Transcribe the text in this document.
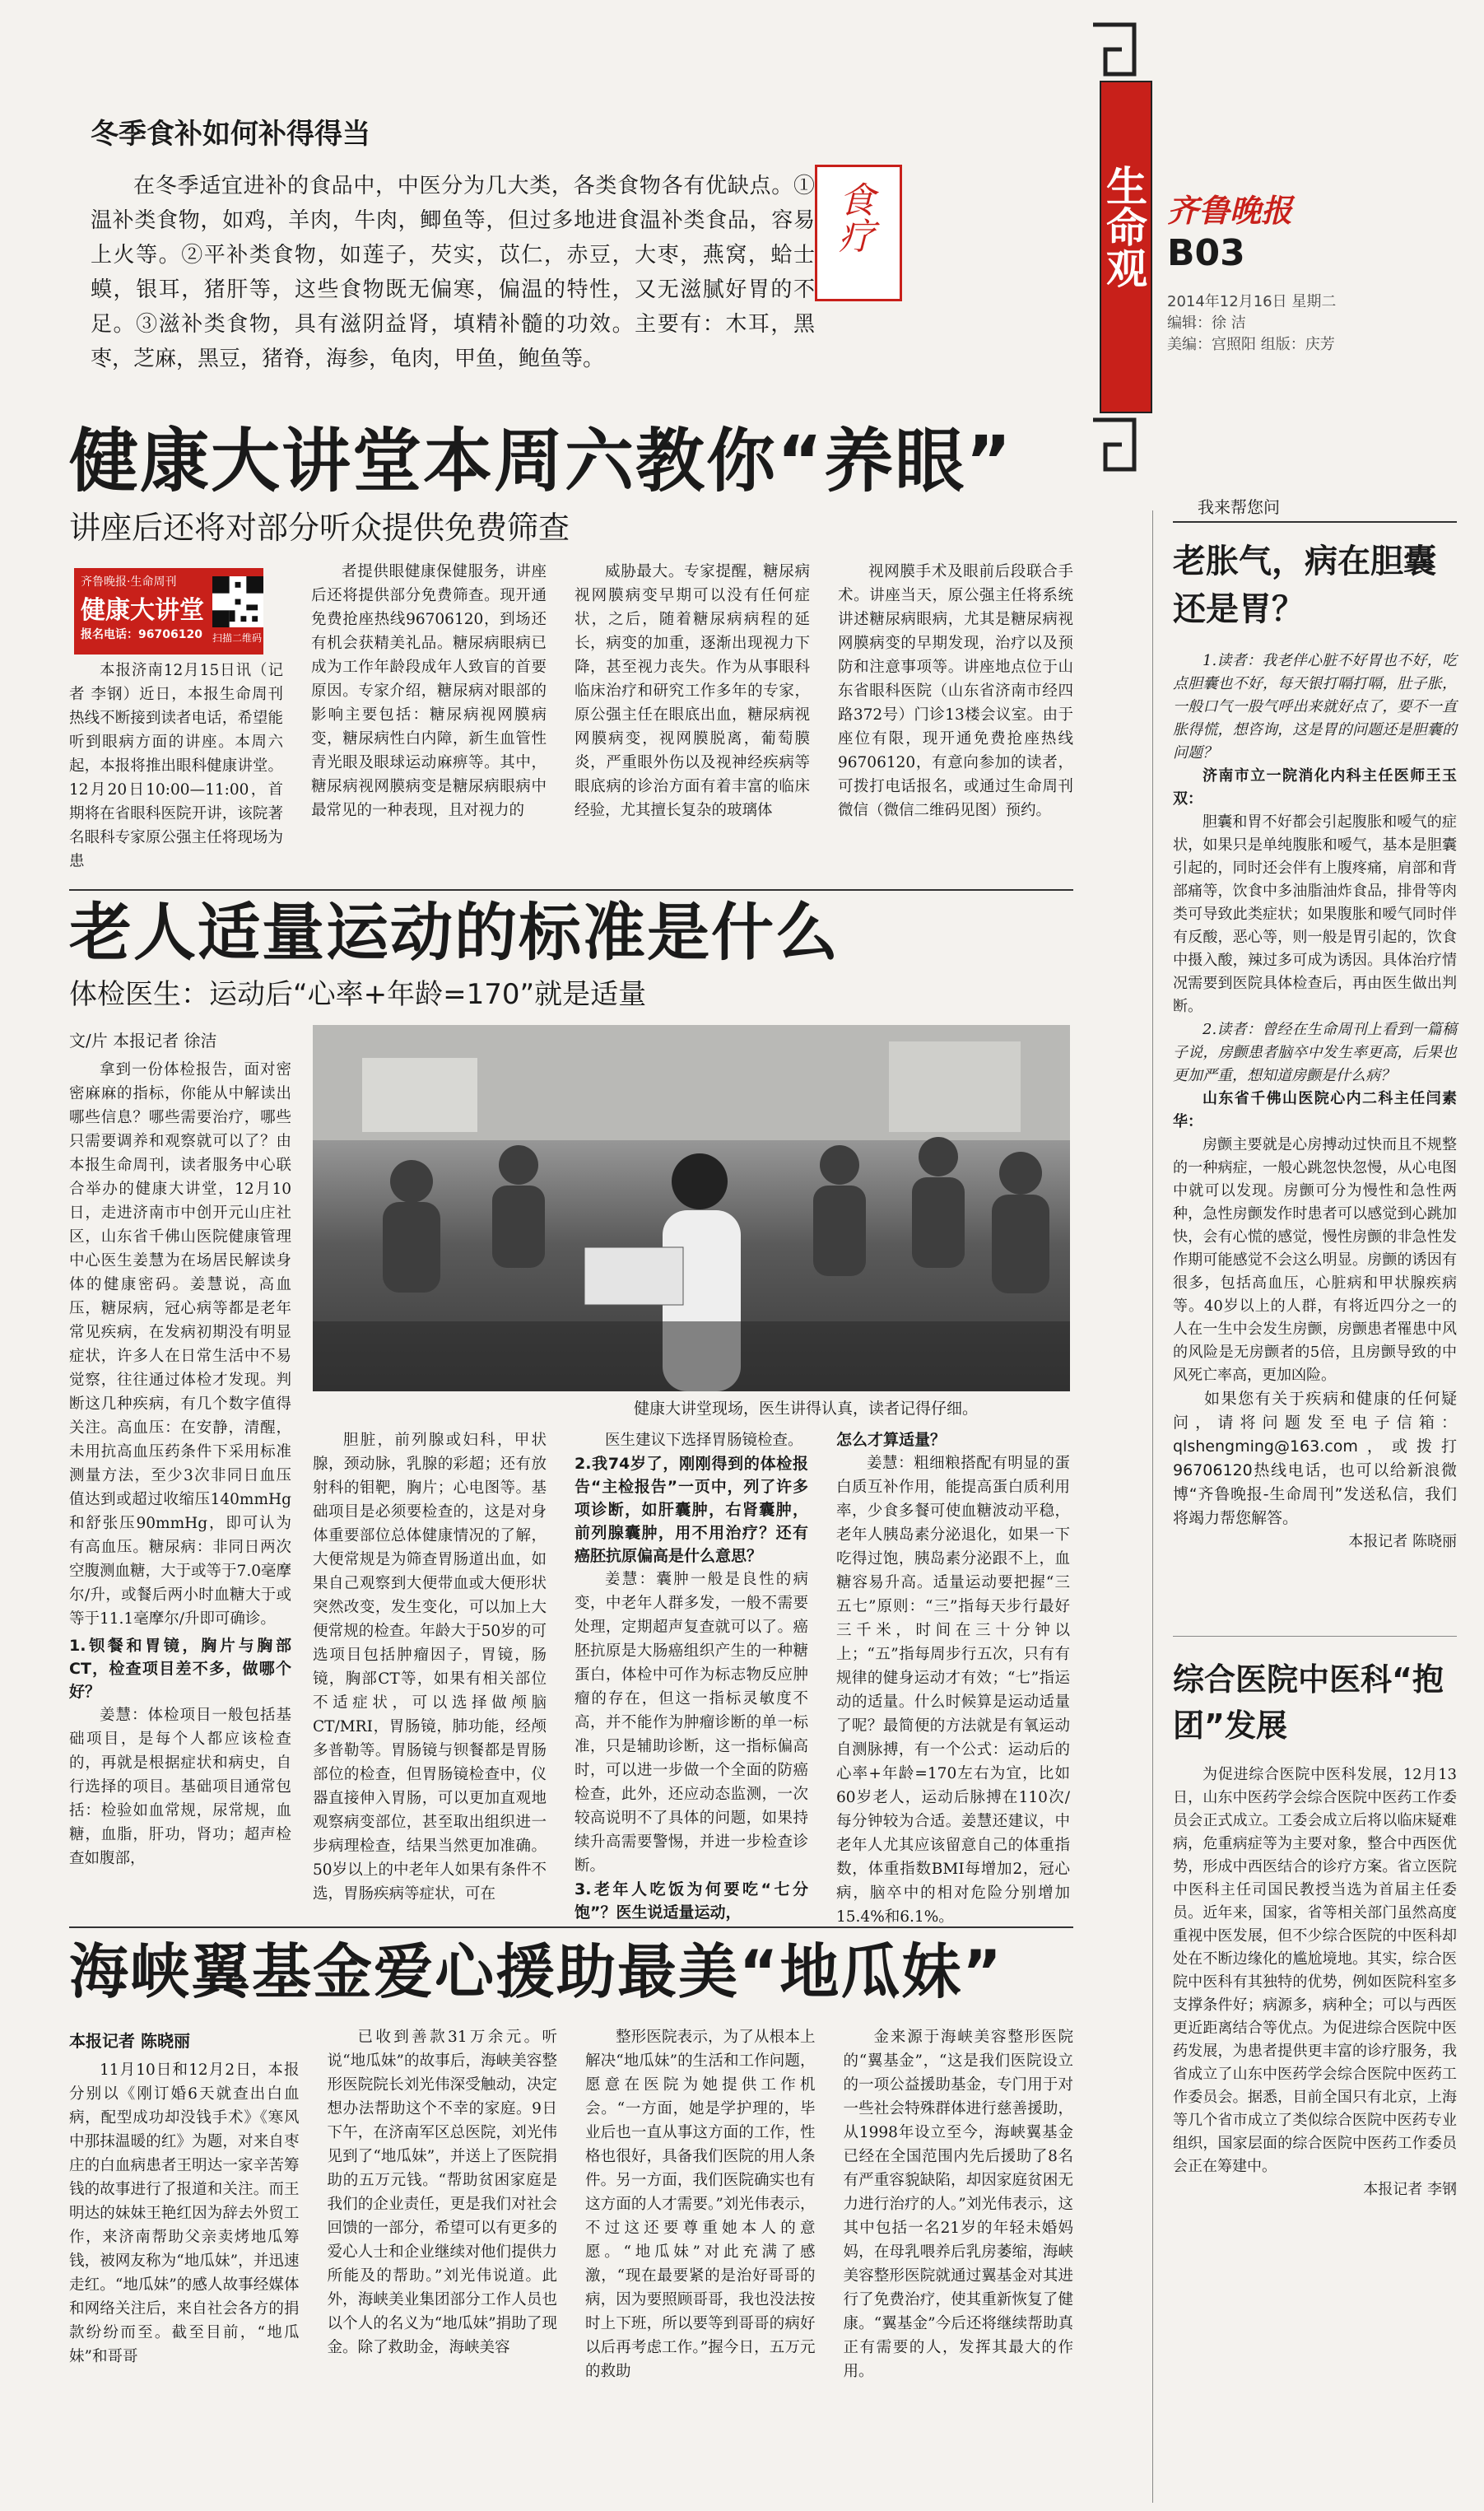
生命观 齐鲁晚报
B03
2014年12月16日 星期二
编辑：徐 洁
美编：宫照阳 组版：庆芳
冬季食补如何补得得当
在冬季适宜进补的食品中，中医分为几大类，各类食物各有优缺点。①温补类食物，如鸡，羊肉，牛肉，鲫鱼等，但过多地进食温补类食品，容易上火等。②平补类食物，如莲子，芡实，苡仁，赤豆，大枣，燕窝，蛤士蟆，银耳，猪肝等，这些食物既无偏寒，偏温的特性，又无滋腻好胃的不足。③滋补类食物，具有滋阴益肾，填精补髓的功效。主要有：木耳，黑枣，芝麻，黑豆，猪脊，海参，龟肉，甲鱼，鲍鱼等。
食疗
健康大讲堂本周六教你“养眼”
讲座后还将对部分听众提供免费筛查
齐鲁晚报·生命周刊
健康大讲堂
报名电话：96706120	扫描二维码

本报济南12月15日讯（记者 李钢）近日，本报生命周刊热线不断接到读者电话，希望能听到眼病方面的讲座。本周六起，本报将推出眼科健康讲堂。12月20日10:00—11:00，首期将在省眼科医院开讲，该院著名眼科专家原公强主任将现场为患

者提供眼健康保健服务，讲座后还将提供部分免费筛查。现开通免费抢座热线96706120，到场还有机会获精美礼品。糖尿病眼病已成为工作年龄段成年人致盲的首要原因。专家介绍，糖尿病对眼部的影响主要包括：糖尿病视网膜病变，糖尿病性白内障，新生血管性青光眼及眼球运动麻痹等。其中，糖尿病视网膜病变是糖尿病眼病中最常见的一种表现，且对视力的

威胁最大。专家提醒，糖尿病视网膜病变早期可以没有任何症状，之后，随着糖尿病病程的延长，病变的加重，逐渐出现视力下降，甚至视力丧失。作为从事眼科临床治疗和研究工作多年的专家，原公强主任在眼底出血，糖尿病视网膜病变，视网膜脱离，葡萄膜炎，严重眼外伤以及视神经疾病等眼底病的诊治方面有着丰富的临床经验，尤其擅长复杂的玻璃体

视网膜手术及眼前后段联合手术。讲座当天，原公强主任将系统讲述糖尿病眼病，尤其是糖尿病视网膜病变的早期发现，治疗以及预防和注意事项等。讲座地点位于山东省眼科医院（山东省济南市经四路372号）门诊13楼会议室。由于座位有限，现开通免费抢座热线96706120，有意向参加的读者，可拨打电话报名，或通过生命周刊微信（微信二维码见图）预约。

老人适量运动的标准是什么
体检医生：运动后“心率+年龄=170”就是适量
文/片 本报记者 徐洁
健康大讲堂现场，医生讲得认真，读者记得仔细。

拿到一份体检报告，面对密密麻麻的指标，你能从中解读出哪些信息？哪些需要治疗，哪些只需要调养和观察就可以了？由本报生命周刊，读者服务中心联合举办的健康大讲堂，12月10日，走进济南市中创开元山庄社区，山东省千佛山医院健康管理中心医生姜慧为在场居民解读身体的健康密码。姜慧说，高血压，糖尿病，冠心病等都是老年常见疾病，在发病初期没有明显症状，许多人在日常生活中不易觉察，往往通过体检才发现。判断这几种疾病，有几个数字值得关注。高血压：在安静，清醒，未用抗高血压药条件下采用标准测量方法，至少3次非同日血压值达到或超过收缩压140mmHg和舒张压90mmHg，即可认为有高血压。糖尿病：非同日两次空腹测血糖，大于或等于7.0毫摩尔/升，或餐后两小时血糖大于或等于11.1毫摩尔/升即可确诊。

1.钡餐和胃镜，胸片与胸部CT，检查项目差不多，做哪个好？

姜慧：体检项目一般包括基础项目，是每个人都应该检查的，再就是根据症状和病史，自行选择的项目。基础项目通常包括：检验如血常规，尿常规，血糖，血脂，肝功，肾功；超声检查如腹部，

胆脏，前列腺或妇科，甲状腺，颈动脉，乳腺的彩超；还有放射科的钼靶，胸片；心电图等。基础项目是必须要检查的，这是对身体重要部位总体健康情况的了解，大便常规是为筛查胃肠道出血，如果自己观察到大便带血或大便形状突然改变，发生变化，可以加上大便常规的检查。年龄大于50岁的可选项目包括肿瘤因子，胃镜，肠镜，胸部CT等，如果有相关部位不适症状，可以选择做颅脑CT/MRI，胃肠镜，肺功能，经颅多普勒等。胃肠镜与钡餐都是胃肠部位的检查，但胃肠镜检查中，仪器直接伸入胃肠，可以更加直观地观察病变部位，甚至取出组织进一步病理检查，结果当然更加准确。50岁以上的中老年人如果有条件不选，胃肠疾病等症状，可在

医生建议下选择胃肠镜检查。

2.我74岁了，刚刚得到的体检报告“主检报告”一页中，列了许多项诊断，如肝囊肿，右肾囊肿，前列腺囊肿，用不用治疗？还有癌胚抗原偏高是什么意思？

姜慧：囊肿一般是良性的病变，中老年人群多发，一般不需要处理，定期超声复查就可以了。癌胚抗原是大肠癌组织产生的一种糖蛋白，体检中可作为标志物反应肿瘤的存在，但这一指标灵敏度不高，并不能作为肿瘤诊断的单一标准，只是辅助诊断，这一指标偏高时，可以进一步做一个全面的防癌检查，此外，还应动态监测，一次较高说明不了具体的问题，如果持续升高需要警惕，并进一步检查诊断。

3.老年人吃饭为何要吃“七分饱”？医生说适量运动，
怎么才算适量？

姜慧：粗细粮搭配有明显的蛋白质互补作用，能提高蛋白质利用率，少食多餐可使血糖波动平稳，老年人胰岛素分泌退化，如果一下吃得过饱，胰岛素分泌跟不上，血糖容易升高。适量运动要把握“三五七”原则：“三”指每天步行最好三千米，时间在三十分钟以上；“五”指每周步行五次，只有有规律的健身运动才有效；“七”指运动的适量。什么时候算是运动适量了呢？最简便的方法就是有氧运动自测脉搏，有一个公式：运动后的心率+年龄=170左右为宜，比如60岁老人，运动后脉搏在110次/每分钟较为合适。姜慧还建议，中老年人尤其应该留意自己的体重指数，体重指数BMI每增加2，冠心病，脑卒中的相对危险分别增加15.4%和6.1%。

海峡翼基金爱心援助最美“地瓜妹”
本报记者 陈晓丽

11月10日和12月2日，本报分别以《刚订婚6天就查出白血病，配型成功却没钱手术》《寒风中那抹温暖的红》为题，对来自枣庄的白血病患者王明达一家辛苦筹钱的故事进行了报道和关注。而王明达的妹妹王艳红因为辞去外贸工作，来济南帮助父亲卖烤地瓜筹钱，被网友称为“地瓜妹”，并迅速走红。“地瓜妹”的感人故事经媒体和网络关注后，来自社会各方的捐款纷纷而至。截至目前，“地瓜妹”和哥哥

已收到善款31万余元。听说“地瓜妹”的故事后，海峡美容整形医院院长刘光伟深受触动，决定想办法帮助这个不幸的家庭。9日下午，在济南军区总医院，刘光伟见到了“地瓜妹”，并送上了医院捐助的五万元钱。“帮助贫困家庭是我们的企业责任，更是我们对社会回馈的一部分，希望可以有更多的爱心人士和企业继续对他们提供力所能及的帮助。”刘光伟说道。此外，海峡美业集团部分工作人员也以个人的名义为“地瓜妹”捐助了现金。除了救助金，海峡美容

整形医院表示，为了从根本上解决“地瓜妹”的生活和工作问题，愿意在医院为她提供工作机会。“一方面，她是学护理的，毕业后也一直从事这方面的工作，性格也很好，具备我们医院的用人条件。另一方面，我们医院确实也有这方面的人才需要。”刘光伟表示，不过这还要尊重她本人的意愿。“地瓜妹”对此充满了感激，“现在最要紧的是治好哥哥的病，因为要照顾哥哥，我也没法按时上下班，所以要等到哥哥的病好以后再考虑工作。”握今日，五万元的救助

金来源于海峡美容整形医院的“翼基金”，“这是我们医院设立的一项公益援助基金，专门用于对一些社会特殊群体进行慈善援助，从1998年设立至今，海峡翼基金已经在全国范围内先后援助了8名有严重容貌缺陷，却因家庭贫困无力进行治疗的人。”刘光伟表示，这其中包括一名21岁的年轻未婚妈妈，在母乳喂养后乳房萎缩，海峡美容整形医院就通过翼基金对其进行了免费治疗，使其重新恢复了健康。“翼基金”今后还将继续帮助真正有需要的人，发挥其最大的作用。

我来帮您问
老胀气，病在胆囊还是胃？

1.读者：我老伴心脏不好胃也不好，吃点胆囊也不好，每天银打嗝打嗝，肚子胀，一般口气一股气呼出来就好点了，要不一直胀得慌，想咨询，这是胃的问题还是胆囊的问题？

济南市立一院消化内科主任医师王玉双：

胆囊和胃不好都会引起腹胀和嗳气的症状，如果只是单纯腹胀和嗳气，基本是胆囊引起的，同时还会伴有上腹疼痛，肩部和背部痛等，饮食中多油脂油炸食品，排骨等肉类可导致此类症状；如果腹胀和嗳气同时伴有反酸，恶心等，则一般是胃引起的，饮食中摄入酸，辣过多可成为诱因。具体治疗情况需要到医院具体检查后，再由医生做出判断。

2.读者：曾经在生命周刊上看到一篇稿子说，房颤患者脑卒中发生率更高，后果也更加严重，想知道房颤是什么病？

山东省千佛山医院心内二科主任闫素华：

房颤主要就是心房搏动过快而且不规整的一种病症，一般心跳忽快忽慢，从心电图中就可以发现。房颤可分为慢性和急性两种，急性房颤发作时患者可以感觉到心跳加快，会有心慌的感觉，慢性房颤的非急性发作期可能感觉不会这么明显。房颤的诱因有很多，包括高血压，心脏病和甲状腺疾病等。40岁以上的人群，有将近四分之一的人在一生中会发生房颤，房颤患者罹患中风的风险是无房颤者的5倍，且房颤导致的中风死亡率高，更加凶险。

如果您有关于疾病和健康的任何疑问，请将问题发至电子信箱：qlshengming@163.com，或拨打96706120热线电话，也可以给新浪微博“齐鲁晚报-生命周刊”发送私信，我们将竭力帮您解答。

本报记者 陈晓丽
综合医院中医科“抱团”发展

为促进综合医院中医科发展，12月13日，山东中医药学会综合医院中医药工作委员会正式成立。工委会成立后将以临床疑难病，危重病症等为主要对象，整合中西医优势，形成中西医结合的诊疗方案。省立医院中医科主任司国民教授当选为首届主任委员。近年来，国家，省等相关部门虽然高度重视中医发展，但不少综合医院的中医科却处在不断边缘化的尴尬境地。其实，综合医院中医科有其独特的优势，例如医院科室多支撑条件好；病源多，病种全；可以与西医更近距离结合等优点。为促进综合医院中医药发展，为患者提供更丰富的诊疗服务，我省成立了山东中医药学会综合医院中医药工作委员会。据悉，目前全国只有北京，上海等几个省市成立了类似综合医院中医药专业组织，国家层面的综合医院中医药工作委员会正在筹建中。

本报记者 李钢
